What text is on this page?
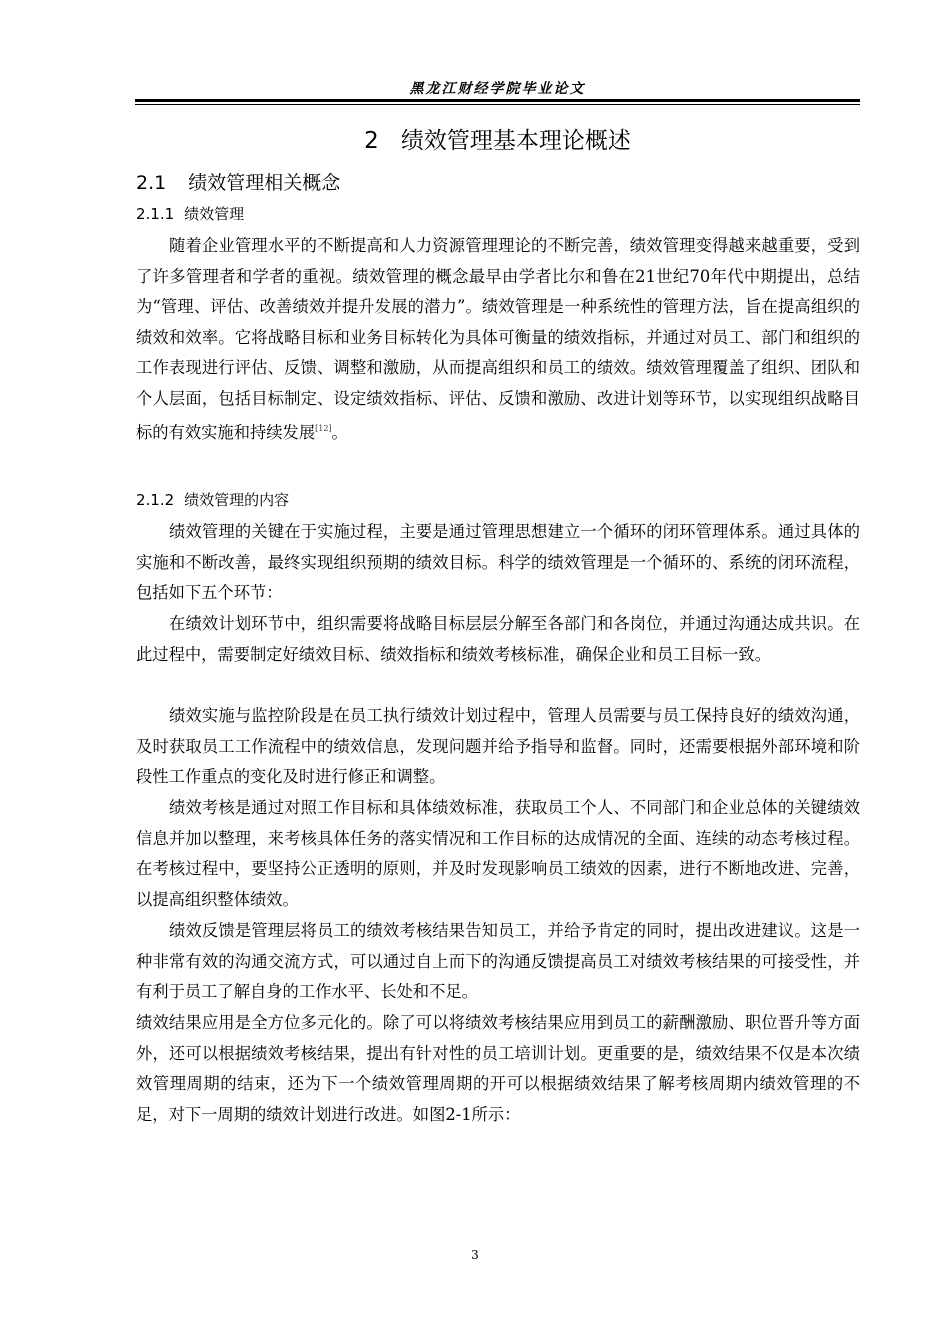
黑龙江财经学院毕业论文
2 绩效管理基本理论概述
2.1 绩效管理相关概念
2.1.1 绩效管理

随着企业管理水平的不断提高和人力资源管理理论的不断完善，绩效管理变得越来越重要，受到了许多管理者和学者的重视。绩效管理的概念最早由学者比尔和鲁在21世纪70年代中期提出，总结为“管理、评估、改善绩效并提升发展的潜力”。绩效管理是一种系统性的管理方法，旨在提高组织的绩效和效率。它将战略目标和业务目标转化为具体可衡量的绩效指标，并通过对员工、部门和组织的工作表现进行评估、反馈、调整和激励，从而提高组织和员工的绩效。绩效管理覆盖了组织、团队和个人层面，包括目标制定、设定绩效指标、评估、反馈和激励、改进计划等环节，以实现组织战略目标的有效实施和持续发展[12]。

2.1.2 绩效管理的内容

绩效管理的关键在于实施过程，主要是通过管理思想建立一个循环的闭环管理体系。通过具体的实施和不断改善，最终实现组织预期的绩效目标。科学的绩效管理是一个循环的、系统的闭环流程，包括如下五个环节：

在绩效计划环节中，组织需要将战略目标层层分解至各部门和各岗位，并通过沟通达成共识。在此过程中，需要制定好绩效目标、绩效指标和绩效考核标准，确保企业和员工目标一致。

绩效实施与监控阶段是在员工执行绩效计划过程中，管理人员需要与员工保持良好的绩效沟通，及时获取员工工作流程中的绩效信息，发现问题并给予指导和监督。同时，还需要根据外部环境和阶段性工作重点的变化及时进行修正和调整。

绩效考核是通过对照工作目标和具体绩效标准，获取员工个人、不同部门和企业总体的关键绩效信息并加以整理，来考核具体任务的落实情况和工作目标的达成情况的全面、连续的动态考核过程。在考核过程中，要坚持公正透明的原则，并及时发现影响员工绩效的因素，进行不断地改进、完善，以提高组织整体绩效。

绩效反馈是管理层将员工的绩效考核结果告知员工，并给予肯定的同时，提出改进建议。这是一种非常有效的沟通交流方式，可以通过自上而下的沟通反馈提高员工对绩效考核结果的可接受性，并有利于员工了解自身的工作水平、长处和不足。

绩效结果应用是全方位多元化的。除了可以将绩效考核结果应用到员工的薪酬激励、职位晋升等方面外，还可以根据绩效考核结果，提出有针对性的员工培训计划。更重要的是，绩效结果不仅是本次绩效管理周期的结束，还为下一个绩效管理周期的开可以根据绩效结果了解考核周期内绩效管理的不足，对下一周期的绩效计划进行改进。如图2-1所示：

3
